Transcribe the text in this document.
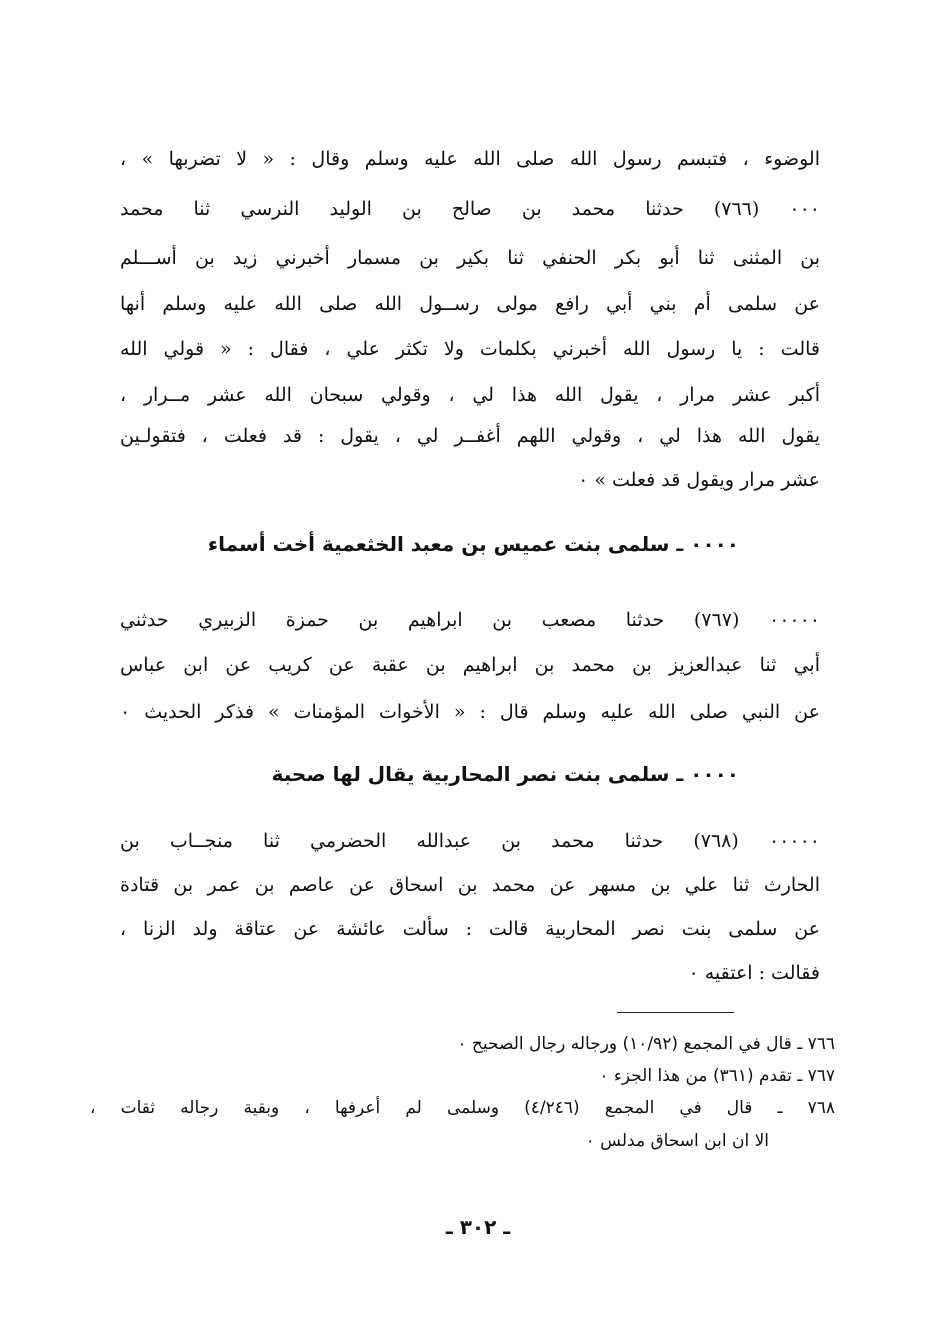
الوضوء ، فتبسم رسول الله صلى الله عليه وسلم وقال : « لا تضربها » ،
٠٠٠ (٧٦٦) حدثنا محمد بن صالح بن الوليد النرسي ثنا محمد
بن المثنى ثنا أبو بكر الحنفي ثنا بكير بن مسمار أخبرني زيد بن أســـلم
عن سلمى أم بني أبي رافع مولى رســول الله صلى الله عليه وسلم أنها
قالت : يا رسول الله أخبرني بكلمات ولا تكثر علي ، فقال : « قولي الله
أكبر عشر مرار ، يقول الله هذا لي ، وقولي سبحان الله عشر مــرار ،
يقول الله هذا لي ، وقولي اللهم أغفــر لي ، يقول : قد فعلت ، فتقولـين
عشر مرار ويقول قد فعلت » ٠
٠٠٠٠ ـ سلمى بنت عميس بن معبد الخثعمية أخت أسماء
٠٠٠٠٠ (٧٦٧) حدثنا مصعب بن ابراهيم بن حمزة الزبيري حدثني
أبي ثنا عبدالعزيز بن محمد بن ابراهيم بن عقبة عن كريب عن ابن عباس
عن النبي صلى الله عليه وسلم قال : « الأخوات المؤمنات » فذكر الحديث ٠
٠٠٠٠ ـ سلمى بنت نصر المحاربية يقال لها صحبة
٠٠٠٠٠ (٧٦٨) حدثنا محمد بن عبدالله الحضرمي ثنا منجــاب بن
الحارث ثنا علي بن مسهر عن محمد بن اسحاق عن عاصم بن عمر بن قتادة
عن سلمى بنت نصر المحاربية قالت : سألت عائشة عن عتاقة ولد الزنا ،
فقالت : اعتقيه ٠
٧٦٦ ـ قال في المجمع (١٠/٩٢) ورجاله رجال الصحيح ٠
٧٦٧ ـ تقدم (٣٦١) من هذا الجزء ٠
٧٦٨ ـ قال في المجمع (٤/٢٤٦) وسلمى لم أعرفها ، وبقية رجاله ثقات ،
الا ان ابن اسحاق مدلس ٠
ـ ٣٠٢ ـ
